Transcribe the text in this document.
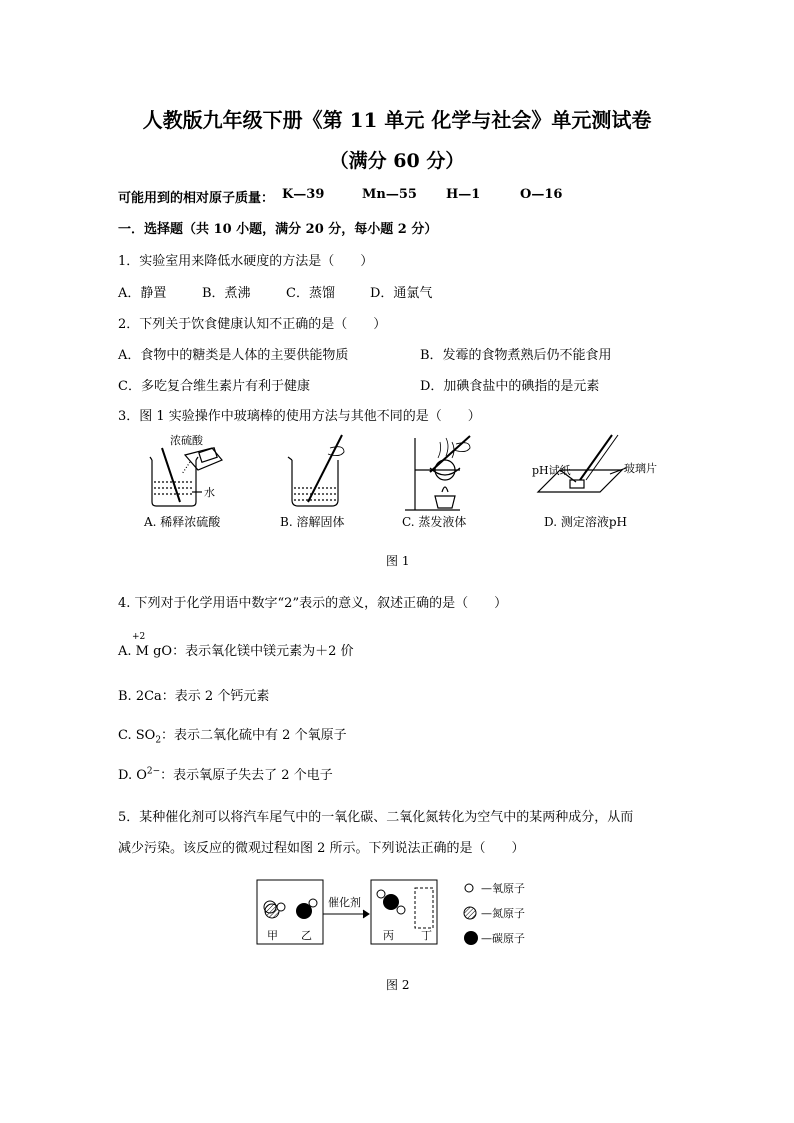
人教版九年级下册《第 11 单元 化学与社会》单元测试卷
（满分 60 分）
可能用到的相对原子质量： K—39	Mn—55 H—1	O—16
一．选择题（共 10 小题，满分 20 分，每小题 2 分）
1．实验室用来降低水硬度的方法是（　　）
A．静置	B．煮沸	C．蒸馏	D．通氯气
2．下列关于饮食健康认知不正确的是（　　）
A．食物中的糖类是人体的主要供能物质	B．发霉的食物煮熟后仍不能食用
C．多吃复合维生素片有利于健康	D．加碘食盐中的碘指的是元素
3．图 1 实验操作中玻璃棒的使用方法与其他不同的是（　　）
浓硫酸
水
pH试纸	玻璃片
A. 稀释浓硫酸	B. 溶解固体	C. 蒸发液体	D. 测定溶液pH
图 1
4. 下列对于化学用语中数字“2”表示的意义，叙述正确的是（　　）
A. M
+2
gO：表示氧化镁中镁元素为＋2 价
B. 2Ca：表示 2 个钙元素
C. $SO_2$：表示二氧化硫中有 2 个氧原子
D. $O^{2-}$：表示氧原子失去了 2 个电子
5．某种催化剂可以将汽车尾气中的一氧化碳、二氧化氮转化为空气中的某两种成分，从而
减少污染。该反应的微观过程如图 2 所示。下列说法正确的是（　　）
催化剂
甲 乙	丙 丁
—氧原子
—氮原子
—碳原子
图 2
